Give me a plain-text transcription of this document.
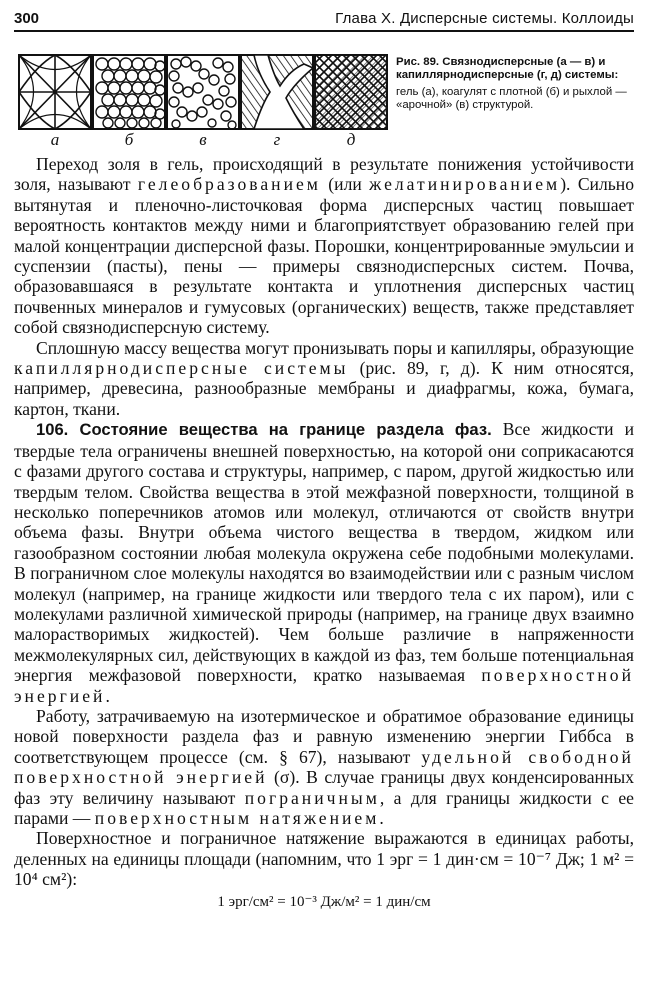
300	Глава X. Дисперсные системы. Коллоиды
а	б	в	г	д
Рис. 89. Связнодисперсные (а — в) и капиллярнодисперсные (г, д) системы:
гель (а), коагулят с плотной (б) и рыхлой — «арочной» (в) структурой.

Переход золя в гель, происходящий в результате понижения устойчивости золя, называют гелеобразованием (или желатинированием). Сильно вытянутая и пленочно-листочковая форма дисперсных частиц повышает вероятность контактов между ними и благоприятствует образованию гелей при малой концентрации дисперсной фазы. Порошки, концентрированные эмульсии и суспензии (пасты), пены — примеры связнодисперсных систем. Почва, образовавшаяся в результате контакта и уплотнения дисперсных частиц почвенных минералов и гумусовых (органических) веществ, также представляет собой связнодисперсную систему.

Сплошную массу вещества могут пронизывать поры и капилляры, образующие капиллярнодисперсные системы (рис. 89, г, д). К ним относятся, например, древесина, разнообразные мембраны и диафрагмы, кожа, бумага, картон, ткани.

106. Состояние вещества на границе раздела фаз. Все жидкости и твердые тела ограничены внешней поверхностью, на которой они соприкасаются с фазами другого состава и структуры, например, с паром, другой жидкостью или твердым телом. Свойства вещества в этой межфазной поверхности, толщиной в несколько поперечников атомов или молекул, отличаются от свойств внутри объема фазы. Внутри объема чистого вещества в твердом, жидком или газообразном состоянии любая молекула окружена себе подобными молекулами. В пограничном слое молекулы находятся во взаимодействии или с разным числом молекул (например, на границе жидкости или твердого тела с их паром), или с молекулами различной химической природы (например, на границе двух взаимно малорастворимых жидкостей). Чем больше различие в напряженности межмолекулярных сил, действующих в каждой из фаз, тем больше потенциальная энергия межфазовой поверхности, кратко называемая поверхностной энергией.

Работу, затрачиваемую на изотермическое и обратимое образование единицы новой поверхности раздела фаз и равную изменению энергии Гиббса в соответствующем процессе (см. § 67), называют удельной свободной поверхностной энергией (σ). В случае границы двух конденсированных фаз эту величину называют пограничным, а для границы жидкости с ее парами — поверхностным натяжением.

Поверхностное и пограничное натяжение выражаются в единицах работы, деленных на единицы площади (напомним, что 1 эрг = 1 дин·см = 10⁻⁷ Дж; 1 м² = 10⁴ см²):

1 эрг/см² = 10⁻³ Дж/м² = 1 дин/см
